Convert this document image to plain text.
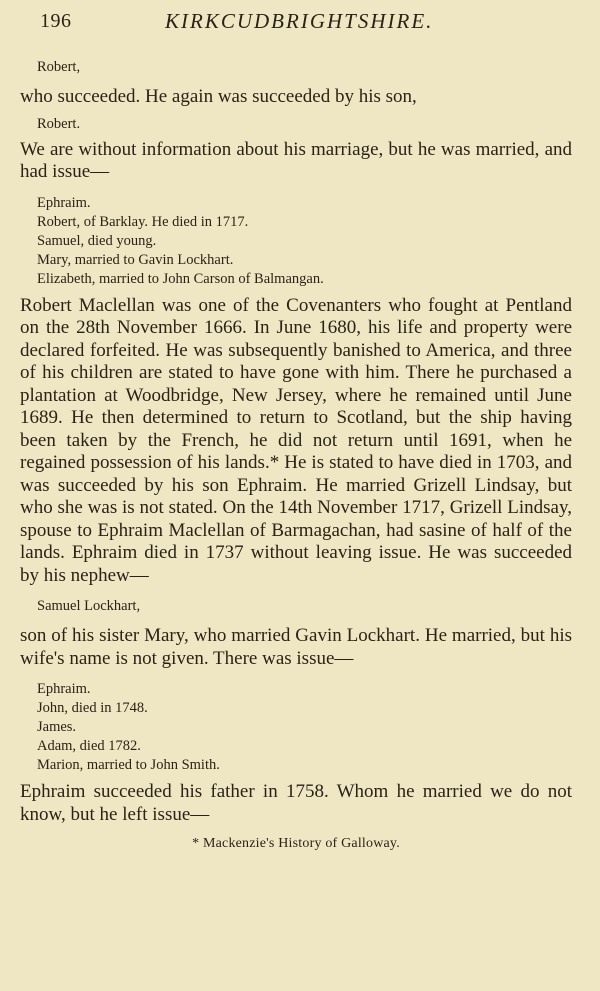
196	KIRKCUDBRIGHTSHIRE.

Robert,

who succeeded. He again was succeeded by his son,

Robert.

We are without information about his marriage, but he was married, and had issue—

Ephraim.
Robert, of Barklay. He died in 1717.
Samuel, died young.
Mary, married to Gavin Lockhart.
Elizabeth, married to John Carson of Balmangan.

Robert Maclellan was one of the Covenanters who fought at Pentland on the 28th November 1666. In June 1680, his life and property were declared forfeited. He was subsequently banished to America, and three of his children are stated to have gone with him. There he purchased a plantation at Woodbridge, New Jersey, where he remained until June 1689. He then determined to return to Scotland, but the ship having been taken by the French, he did not return until 1691, when he regained possession of his lands.* He is stated to have died in 1703, and was succeeded by his son Ephraim. He married Grizell Lindsay, but who she was is not stated. On the 14th November 1717, Grizell Lindsay, spouse to Ephraim Maclellan of Barmagachan, had sasine of half of the lands. Ephraim died in 1737 without leaving issue. He was succeeded by his nephew—

Samuel Lockhart,

son of his sister Mary, who married Gavin Lockhart. He married, but his wife's name is not given. There was issue—

Ephraim.
John, died in 1748.
James.
Adam, died 1782.
Marion, married to John Smith.

Ephraim succeeded his father in 1758. Whom he married we do not know, but he left issue—

* Mackenzie's History of Galloway.
